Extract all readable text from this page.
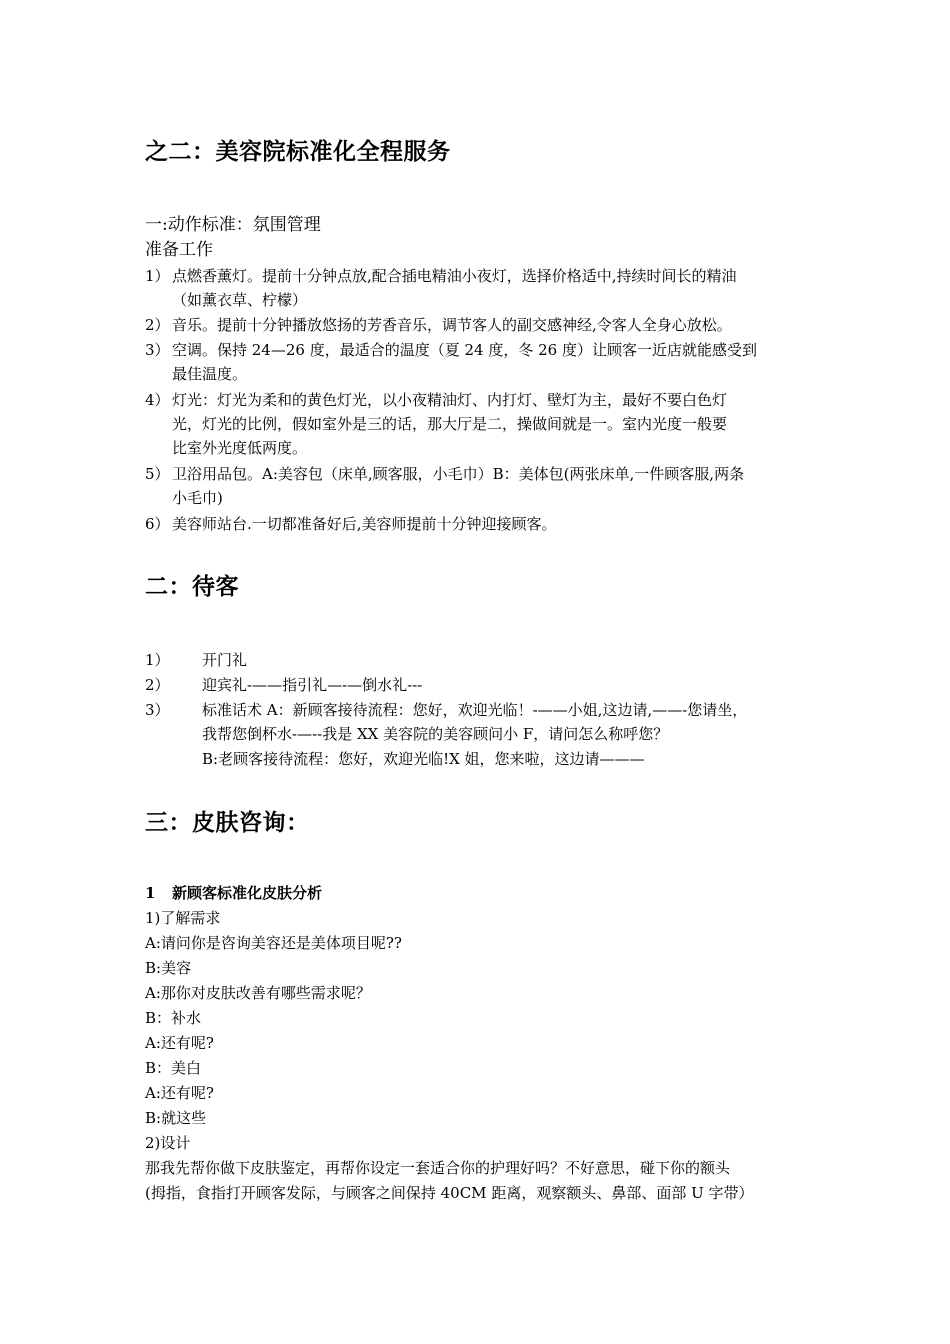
之二：美容院标准化全程服务
一:动作标准：氛围管理
准备工作
1） 点燃香薰灯。提前十分钟点放,配合插电精油小夜灯，选择价格适中,持续时间长的精油
（如薰衣草、柠檬）
2） 音乐。提前十分钟播放悠扬的芳香音乐，调节客人的副交感神经,令客人全身心放松。
3） 空调。保持 24—26 度，最适合的温度（夏 24 度，冬 26 度）让顾客一近店就能感受到
最佳温度。
4） 灯光：灯光为柔和的黄色灯光，以小夜精油灯、内打灯、壁灯为主，最好不要白色灯
光，灯光的比例，假如室外是三的话，那大厅是二，操做间就是一。室内光度一般要
比室外光度低两度。
5） 卫浴用品包。A:美容包（床单,顾客服，小毛巾）B：美体包(两张床单,一件顾客服,两条
小毛巾)
6） 美容师站台.一切都准备好后,美容师提前十分钟迎接顾客。
二：待客
1） 开门礼
2） 迎宾礼-——指引礼—-—倒水礼---
3） 标准话术 A：新顾客接待流程：您好，欢迎光临！-——小姐,这边请,——-您请坐，
我帮您倒杯水-—--我是 XX 美容院的美容顾问小 F，请问怎么称呼您？
B:老顾客接待流程：您好，欢迎光临!X 姐，您来啦，这边请———
三：皮肤咨询：
1 新顾客标准化皮肤分析
1)了解需求
A:请问你是咨询美容还是美体项目呢??
B:美容
A:那你对皮肤改善有哪些需求呢？
B：补水
A:还有呢?
B：美白
A:还有呢?
B:就这些
2)设计
那我先帮你做下皮肤鉴定，再帮你设定一套适合你的护理好吗？不好意思，碰下你的额头
(拇指，食指打开顾客发际，与顾客之间保持 40CM 距离，观察额头、鼻部、面部 U 字带）
